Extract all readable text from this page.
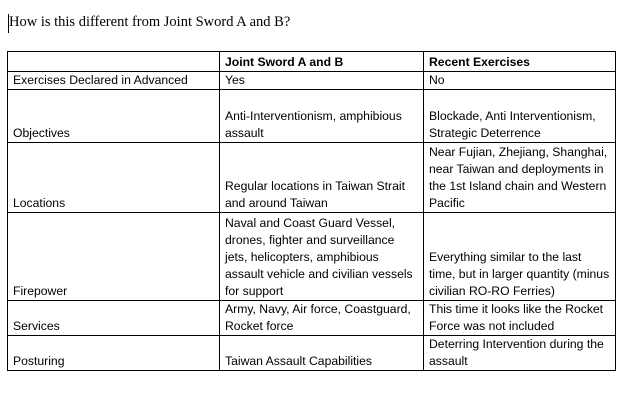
How is this different from Joint Sword A and B?
	Joint Sword A and B	Recent Exercises
Exercises Declared in Advanced	Yes	No
Objectives	Anti-Interventionism, amphibious assault	Blockade, Anti Interventionism, Strategic Deterrence
Locations	Regular locations in Taiwan Strait and around Taiwan	Near Fujian, Zhejiang, Shanghai, near Taiwan and deployments in the 1st Island chain and Western Pacific
Firepower	Naval and Coast Guard Vessel, drones, fighter and surveillance jets, helicopters, amphibious assault vehicle and civilian vessels for support	Everything similar to the last time, but in larger quantity (minus civilian RO-RO Ferries)
Services	Army, Navy, Air force, Coastguard, Rocket force	This time it looks like the Rocket Force was not included
Posturing	Taiwan Assault Capabilities	Deterring Intervention during the assault
